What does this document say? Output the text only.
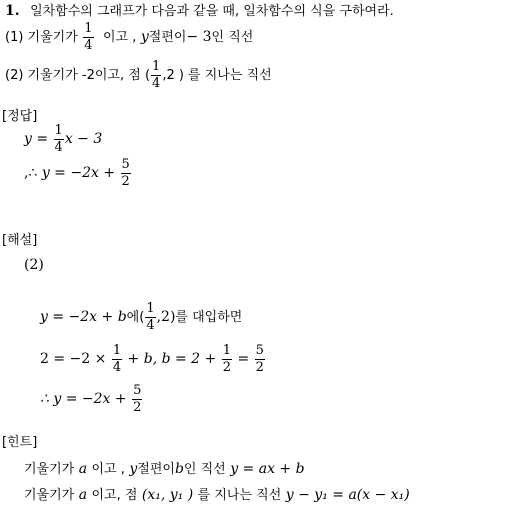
1. 일차함수의 그래프가 다음과 같을 때, 일차함수의 식을 구하여라.
(1) 기울기가 $\frac{1}{4}$ 이고 , y절편이− 3인 직선
(2) 기울기가 -2이고, 점 ( $\frac{1}{4} ,2$ ) 를 지나는 직선
[정답]
$y = \frac{1}{4}$ x − 3
,∴ $y = -2x + \frac{5}{2}$
[해설]
(2)
y = −2x + b에( $\frac{1}{4} ,2$)를 대입하면
$2 = -2 \times \frac{1}{4} + b$, $b = 2 + \frac{1}{2} = \frac{5}{2}$
∴ $y = -2x + \frac{5}{2}$
[힌트]
기울기가 a 이고 , y절편이b인 직선 y = ax + b
기울기가 a 이고, 점 (x₁, y₁ ) 를 지나는 직선 y − y₁ = a(x − x₁)
